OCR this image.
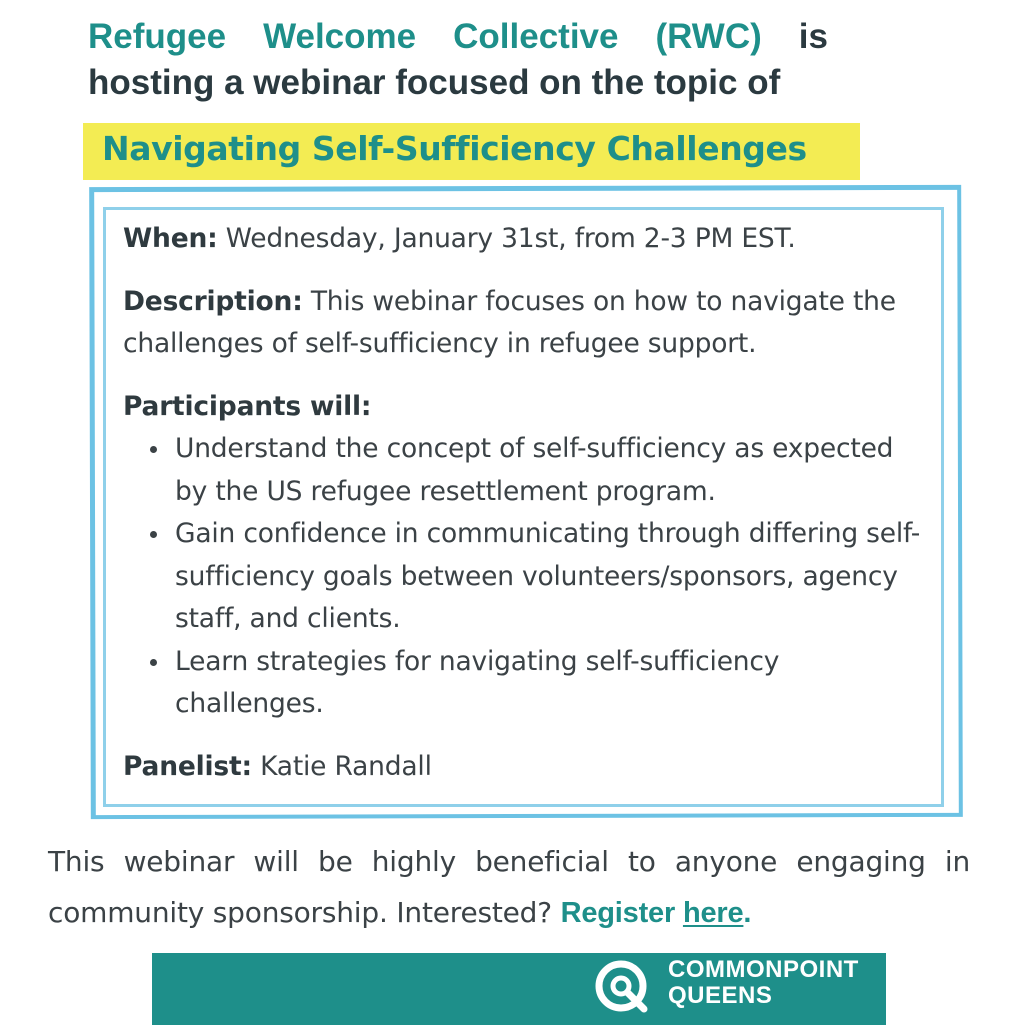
Refugee Welcome Collective (RWC) is
hosting a webinar focused on the topic of
Navigating Self-Sufficiency Challenges

When: Wednesday, January 31st, from 2-3 PM EST.

Description: This webinar focuses on how to navigate the challenges of self-sufficiency in refugee support.

Participants will:

Understand the concept of self-sufficiency as expected by the US refugee resettlement program.
Gain confidence in communicating through differing self-sufficiency goals between volunteers/sponsors, agency staff, and clients.
Learn strategies for navigating self-sufficiency challenges.

Panelist: Katie Randall

This webinar will be highly beneficial to anyone engaging in community sponsorship. Interested? Register here.
COMMONPOINT
QUEENS
